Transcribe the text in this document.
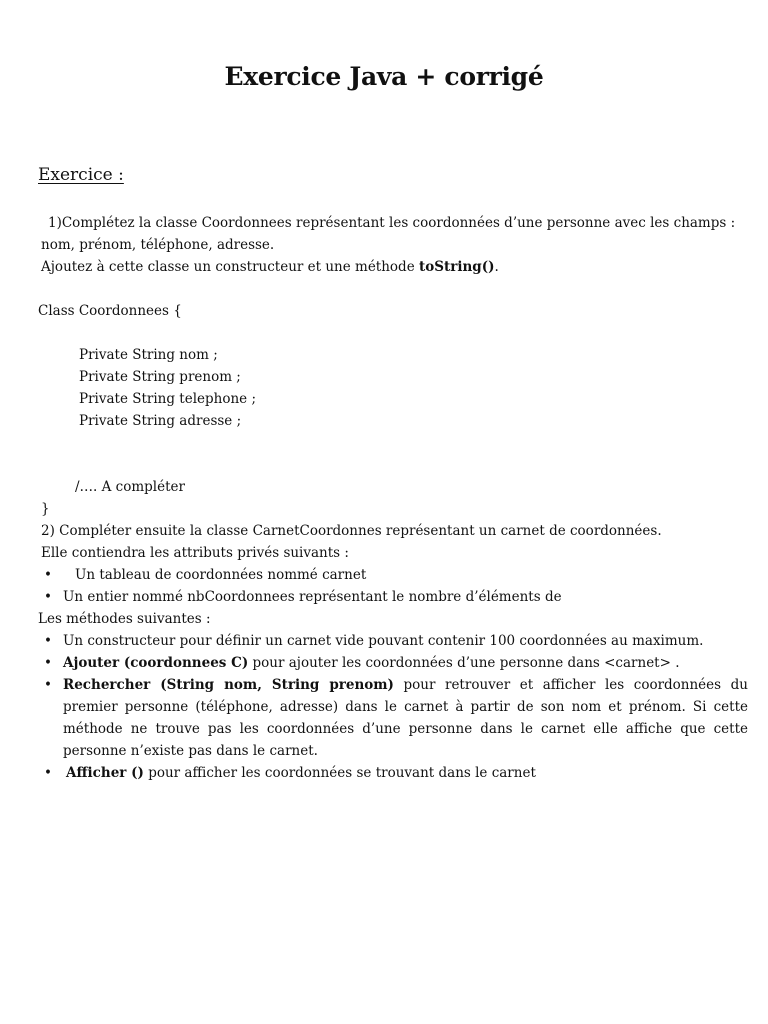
Exercice Java + corrigé
Exercice :
1)Complétez la classe Coordonnees représentant les coordonnées d’une personne avec les champs :
nom, prénom, téléphone, adresse.
Ajoutez à cette classe un constructeur et une méthode toString().
Class Coordonnees {
Private String nom ;
Private String prenom ;
Private String telephone ;
Private String adresse ;
/…. A compléter
}
2) Compléter ensuite la classe CarnetCoordonnes représentant un carnet de coordonnées.
Elle contiendra les attributs privés suivants :
• Un tableau de coordonnées nommé carnet
• Un entier nommé nbCoordonnees représentant le nombre d’éléments de
Les méthodes suivantes :
• Un constructeur pour définir un carnet vide pouvant contenir 100 coordonnées au maximum.
• Ajouter (coordonnees C) pour ajouter les coordonnées d’une personne dans <carnet> .
• Rechercher (String nom, String prenom) pour retrouver et afficher les coordonnées du premier personne (téléphone, adresse) dans le carnet à partir de son nom et prénom. Si cette méthode ne trouve pas les coordonnées d’une personne dans le carnet elle affiche que cette personne n’existe pas dans le carnet.
• Afficher () pour afficher les coordonnées se trouvant dans le carnet
